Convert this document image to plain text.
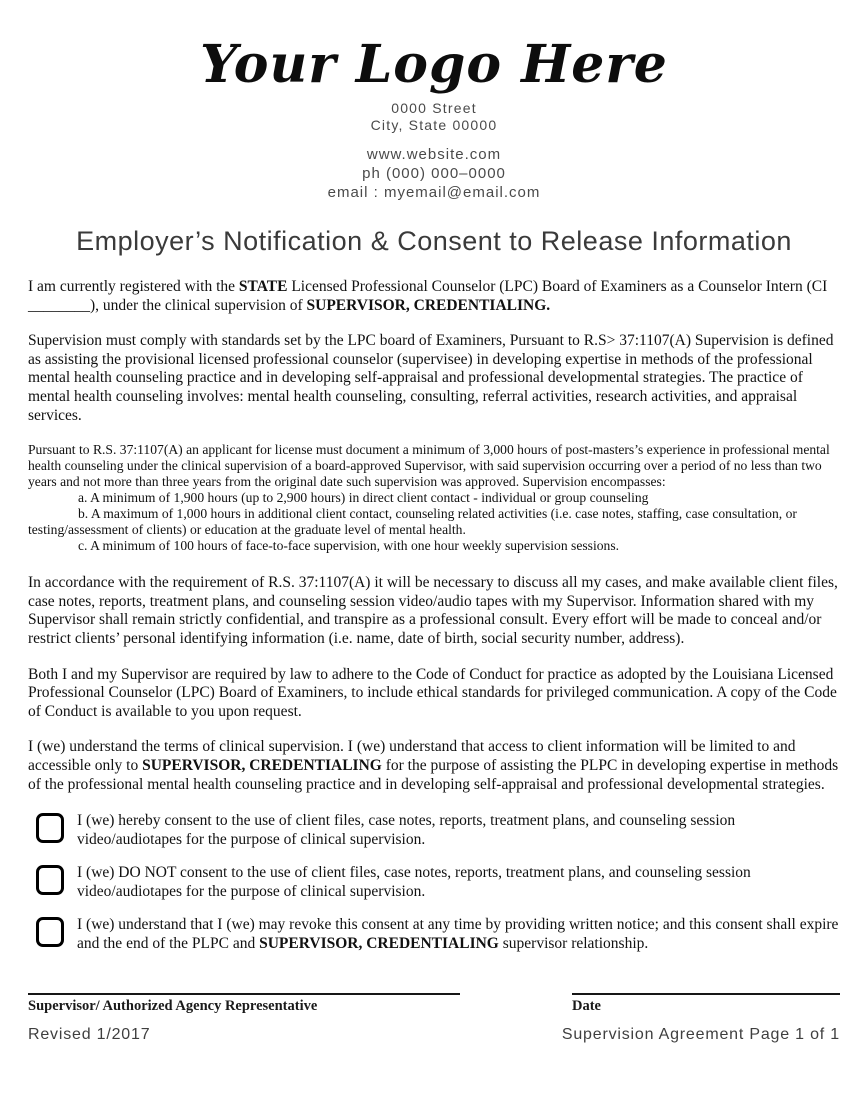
Your Logo Here
0000 Street
City, State 00000
www.website.com
ph (000) 000–0000
email : myemail@email.com
Employer’s Notification & Consent to Release Information

I am currently registered with the STATE Licensed Professional Counselor (LPC) Board of Examiners as a Counselor Intern (CI ________), under the clinical supervision of SUPERVISOR, CREDENTIALING.

Supervision must comply with standards set by the LPC board of Examiners, Pursuant to R.S> 37:1107(A) Supervision is defined as assisting the provisional licensed professional counselor (supervisee) in developing expertise in methods of the professional mental health counseling practice and in developing self-appraisal and professional developmental strategies. The practice of mental health counseling involves: mental health counseling, consulting, referral activities, research activities, and appraisal services.

Pursuant to R.S. 37:1107(A) an applicant for license must document a minimum of 3,000 hours of post-masters’s experience in professional mental health counseling under the clinical supervision of a board-approved Supervisor, with said supervision occurring over a period of no less than two years and not more than three years from the original date such supervision was approved. Supervision encompasses:
a. A minimum of 1,900 hours (up to 2,900 hours) in direct client contact - individual or group counseling
b. A maximum of 1,000 hours in additional client contact, counseling related activities (i.e. case notes, staffing, case consultation, or testing/assessment of clients) or education at the graduate level of mental health.
c. A minimum of 100 hours of face-to-face supervision, with one hour weekly supervision sessions.

In accordance with the requirement of R.S. 37:1107(A) it will be necessary to discuss all my cases, and make available client files, case notes, reports, treatment plans, and counseling session video/audio tapes with my Supervisor. Information shared with my Supervisor shall remain strictly confidential, and transpire as a professional consult. Every effort will be made to conceal and/or restrict clients’ personal identifying information (i.e. name, date of birth, social security number, address).

Both I and my Supervisor are required by law to adhere to the Code of Conduct for practice as adopted by the Louisiana Licensed Professional Counselor (LPC) Board of Examiners, to include ethical standards for privileged communication. A copy of the Code of Conduct is available to you upon request.

I (we) understand the terms of clinical supervision. I (we) understand that access to client information will be limited to and accessible only to SUPERVISOR, CREDENTIALING for the purpose of assisting the PLPC in developing expertise in methods of the professional mental health counseling practice and in developing self-appraisal and professional developmental strategies.

I (we) hereby consent to the use of client files, case notes, reports, treatment plans, and counseling session video/audiotapes for the purpose of clinical supervision.
I (we) DO NOT consent to the use of client files, case notes, reports, treatment plans, and counseling session video/audiotapes for the purpose of clinical supervision.
I (we) understand that I (we) may revoke this consent at any time by providing written notice; and this consent shall expire and the end of the PLPC and SUPERVISOR, CREDENTIALING supervisor relationship.
Supervisor/ Authorized Agency Representative	Date
Revised 1/2017	Supervision Agreement Page 1 of 1
